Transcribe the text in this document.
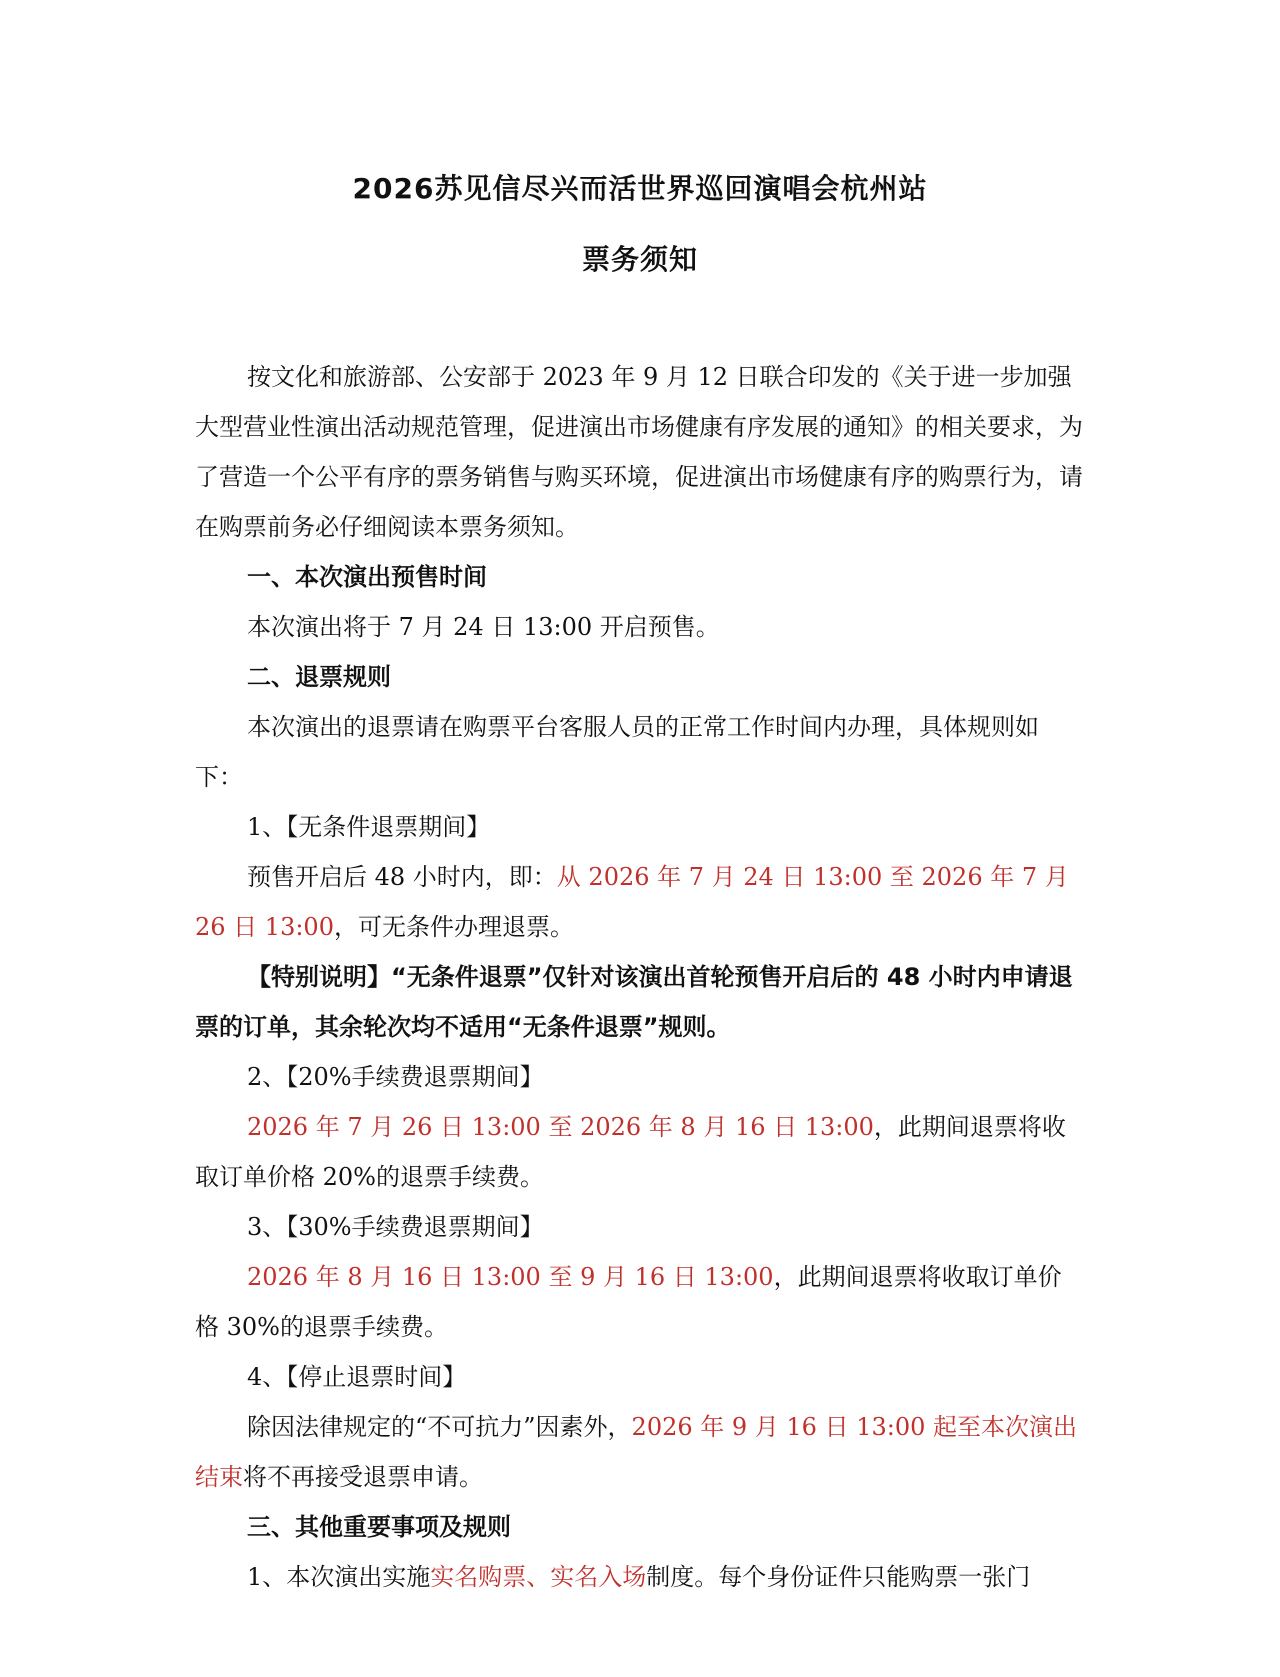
2026苏见信尽兴而活世界巡回演唱会杭州站
票务须知

按文化和旅游部、公安部于 2023 年 9 月 12 日联合印发的《关于进一步加强大型营业性演出活动规范管理，促进演出市场健康有序发展的通知》的相关要求，为了营造一个公平有序的票务销售与购买环境，促进演出市场健康有序的购票行为，请在购票前务必仔细阅读本票务须知。

一、本次演出预售时间

本次演出将于 7 月 24 日 13:00 开启预售。

二、退票规则

本次演出的退票请在购票平台客服人员的正常工作时间内办理，具体规则如下：

1、【无条件退票期间】

预售开启后 48 小时内，即：从 2026 年 7 月 24 日 13:00 至 2026 年 7 月 26 日 13:00，可无条件办理退票。

【特别说明】“无条件退票”仅针对该演出首轮预售开启后的 48 小时内申请退票的订单，其余轮次均不适用“无条件退票”规则。

2、【20%手续费退票期间】

2026 年 7 月 26 日 13:00 至 2026 年 8 月 16 日 13:00，此期间退票将收取订单价格 20%的退票手续费。

3、【30%手续费退票期间】

2026 年 8 月 16 日 13:00 至 9 月 16 日 13:00，此期间退票将收取订单价格 30%的退票手续费。

4、【停止退票时间】

除因法律规定的“不可抗力”因素外，2026 年 9 月 16 日 13:00 起至本次演出结束将不再接受退票申请。

三、其他重要事项及规则

1、本次演出实施实名购票、实名入场制度。每个身份证件只能购票一张门
